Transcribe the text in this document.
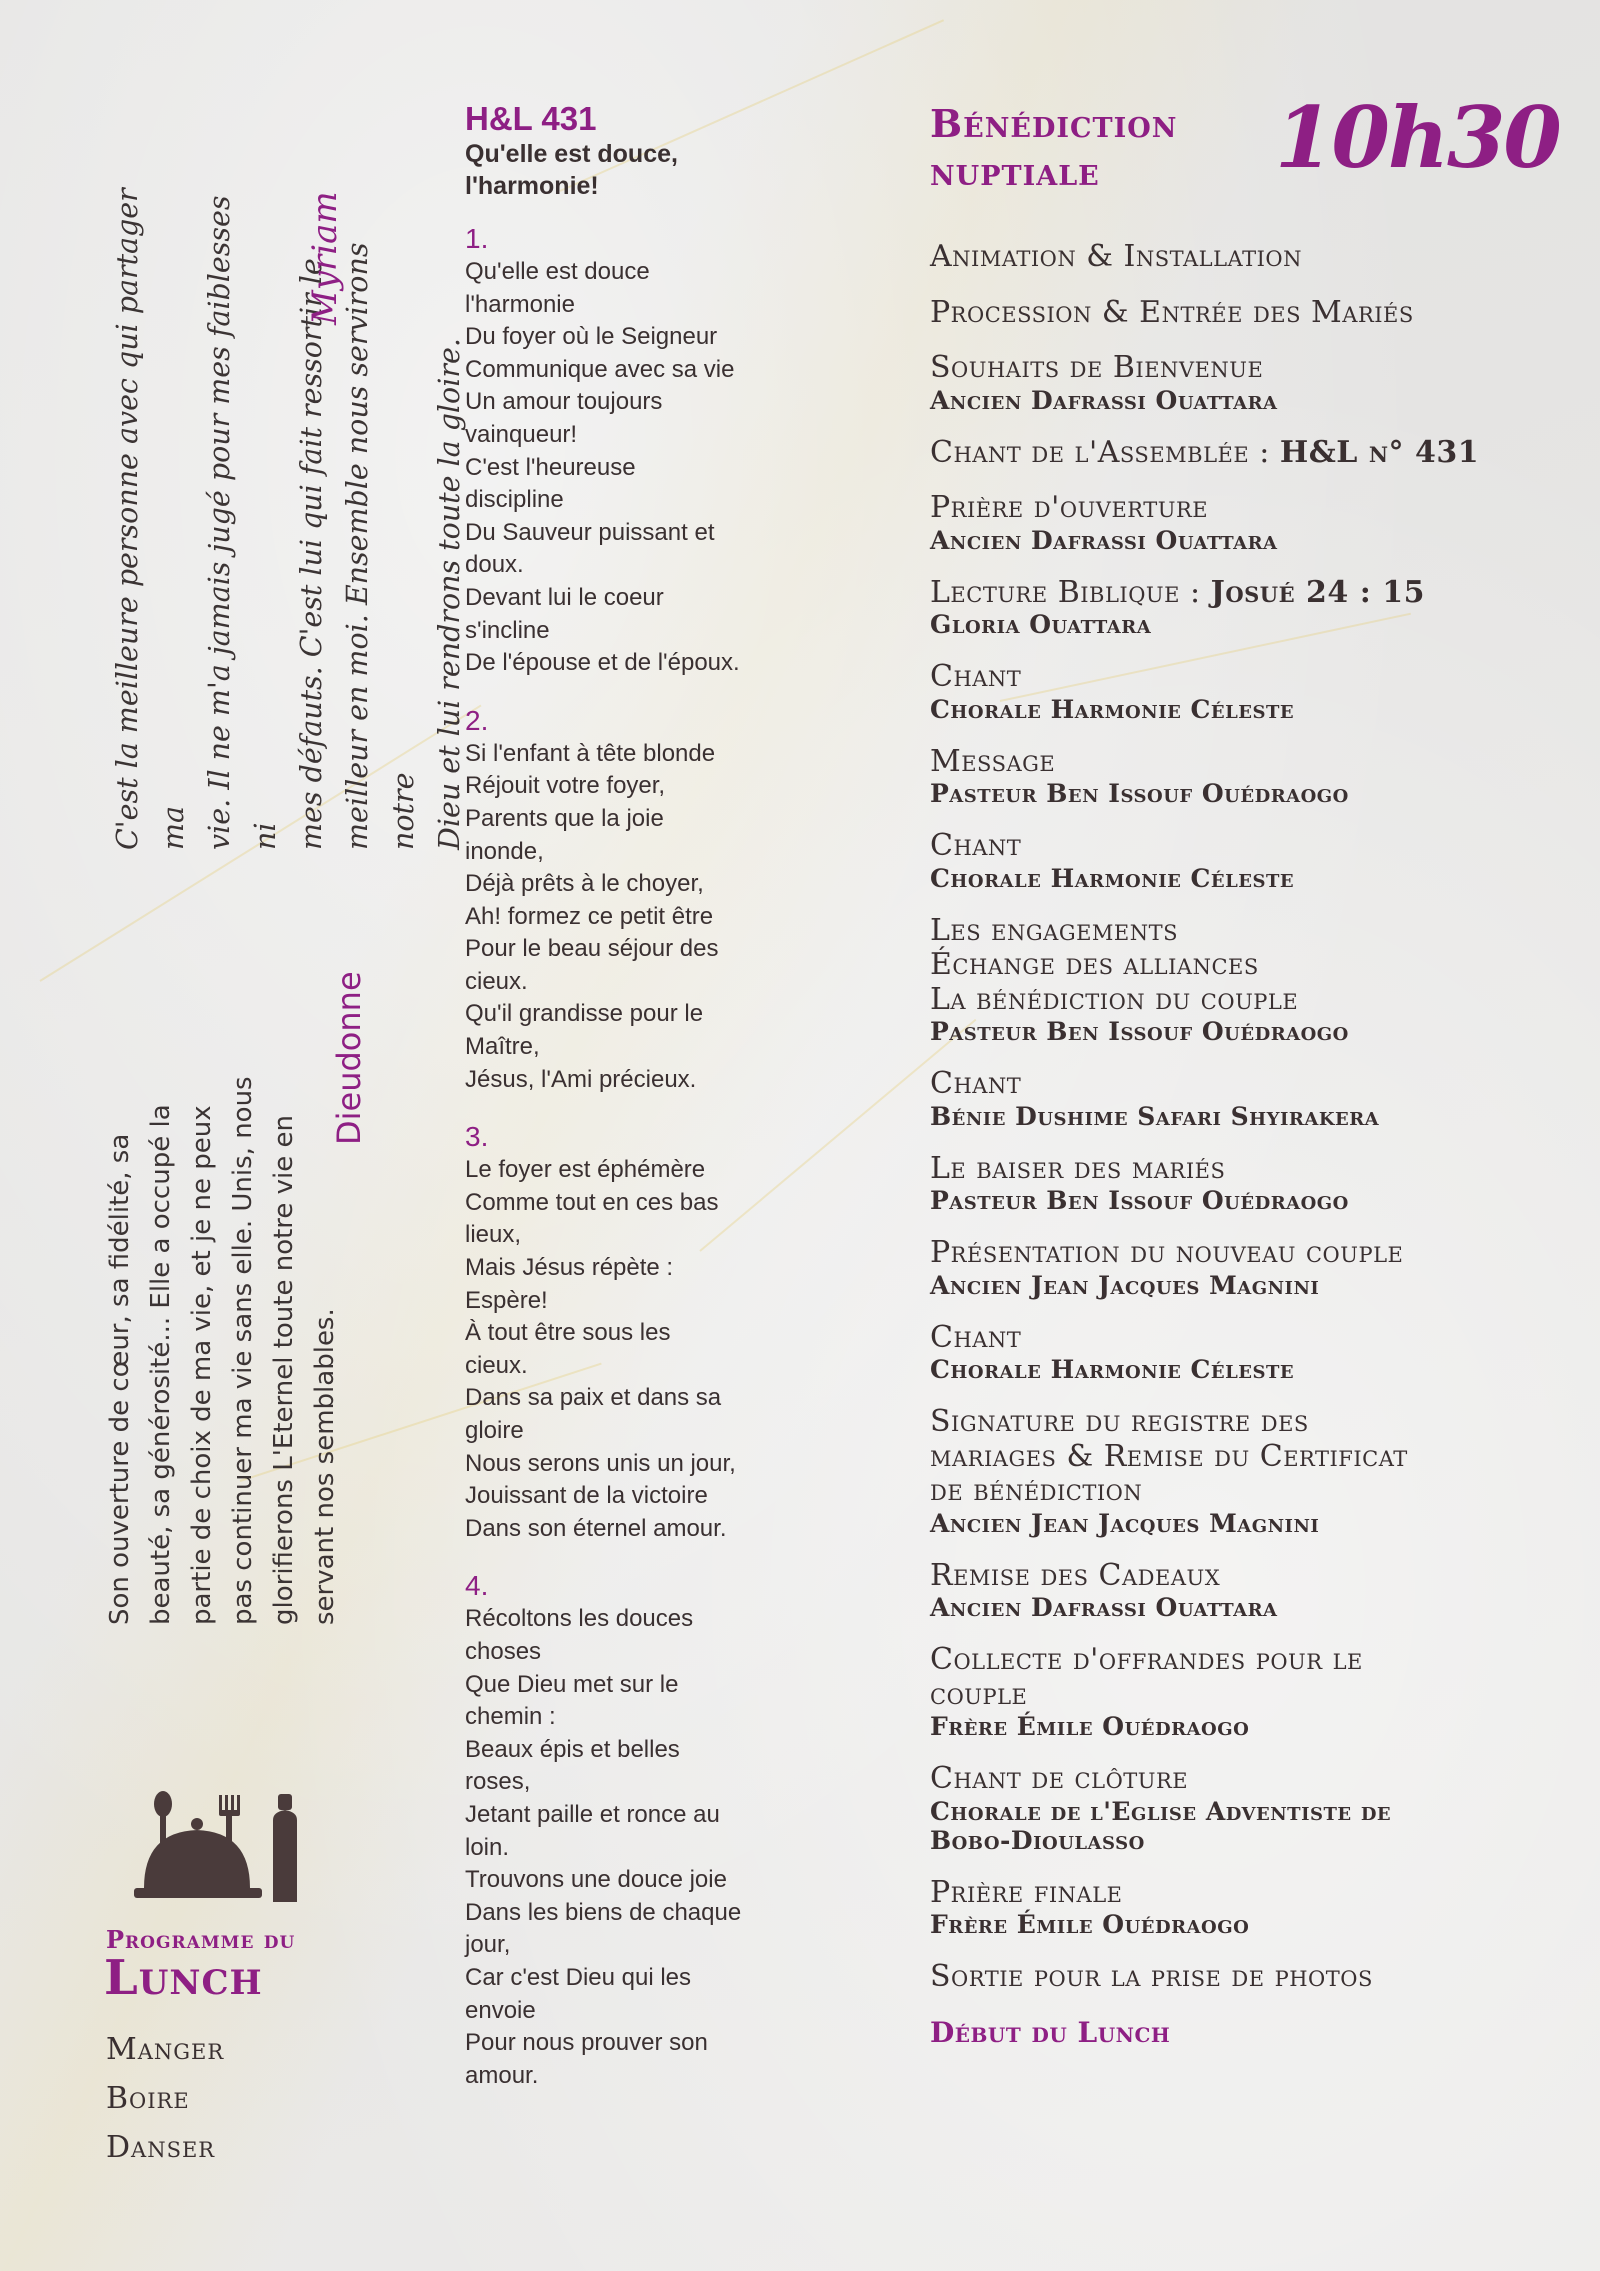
C'est la meilleure personne avec qui partager ma vie. Il ne m'a jamais jugé pour mes faiblesses ni mes défauts. C'est lui qui fait ressortir le meilleur en moi. Ensemble nous servirons notre Dieu et lui rendrons toute la gloire.
Myriam
Son ouverture de cœur, sa fidélité, sa beauté, sa générosité... Elle a occupé la partie de choix de ma vie, et je ne peux pas continuer ma vie sans elle. Unis, nous glorifierons L'Eternel toute notre vie en servant nos semblables.
Dieudonne
Programme du
Lunch
Manger
Boire
Danser
H&L 431
Qu'elle est douce,
l'harmonie!
1.
Qu'elle est douce
l'harmonie
Du foyer où le Seigneur
Communique avec sa vie
Un amour toujours
vainqueur!
C'est l'heureuse
discipline
Du Sauveur puissant et
doux.
Devant lui le coeur
s'incline
De l'épouse et de l'époux.
2.
Si l'enfant à tête blonde
Réjouit votre foyer,
Parents que la joie
inonde,
Déjà prêts à le choyer,
Ah! formez ce petit être
Pour le beau séjour des
cieux.
Qu'il grandisse pour le
Maître,
Jésus, l'Ami précieux.
3.
Le foyer est éphémère
Comme tout en ces bas
lieux,
Mais Jésus répète :
Espère!
À tout être sous les
cieux.
Dans sa paix et dans sa
gloire
Nous serons unis un jour,
Jouissant de la victoire
Dans son éternel amour.
4.
Récoltons les douces
choses
Que Dieu met sur le
chemin :
Beaux épis et belles
roses,
Jetant paille et ronce au
loin.
Trouvons une douce joie
Dans les biens de chaque
jour,
Car c'est Dieu qui les
envoie
Pour nous prouver son
amour.
Bénédiction
nuptiale	10h30
Animation & Installation
Procession & Entrée des Mariés
Souhaits de Bienvenue
Ancien Dafrassi Ouattara
Chant de l'Assemblée : H&L n° 431
Prière d'ouverture
Ancien Dafrassi Ouattara
Lecture Biblique : Josué 24 : 15
Gloria Ouattara
Chant
Chorale Harmonie Céleste
Message
Pasteur Ben Issouf Ouédraogo
Chant
Chorale Harmonie Céleste
Les engagements
Échange des alliances
La bénédiction du couple
Pasteur Ben Issouf Ouédraogo
Chant
Bénie Dushime Safari Shyirakera
Le baiser des mariés
Pasteur Ben Issouf Ouédraogo
Présentation du nouveau couple
Ancien Jean Jacques Magnini
Chant
Chorale Harmonie Céleste
Signature du registre des
mariages & Remise du Certificat
de bénédiction
Ancien Jean Jacques Magnini
Remise des Cadeaux
Ancien Dafrassi Ouattara
Collecte d'offrandes pour le
couple
Frère Émile Ouédraogo
Chant de clôture
Chorale de l'Eglise Adventiste de
Bobo-Dioulasso
Prière finale
Frère Émile Ouédraogo
Sortie pour la prise de photos
Début du Lunch
